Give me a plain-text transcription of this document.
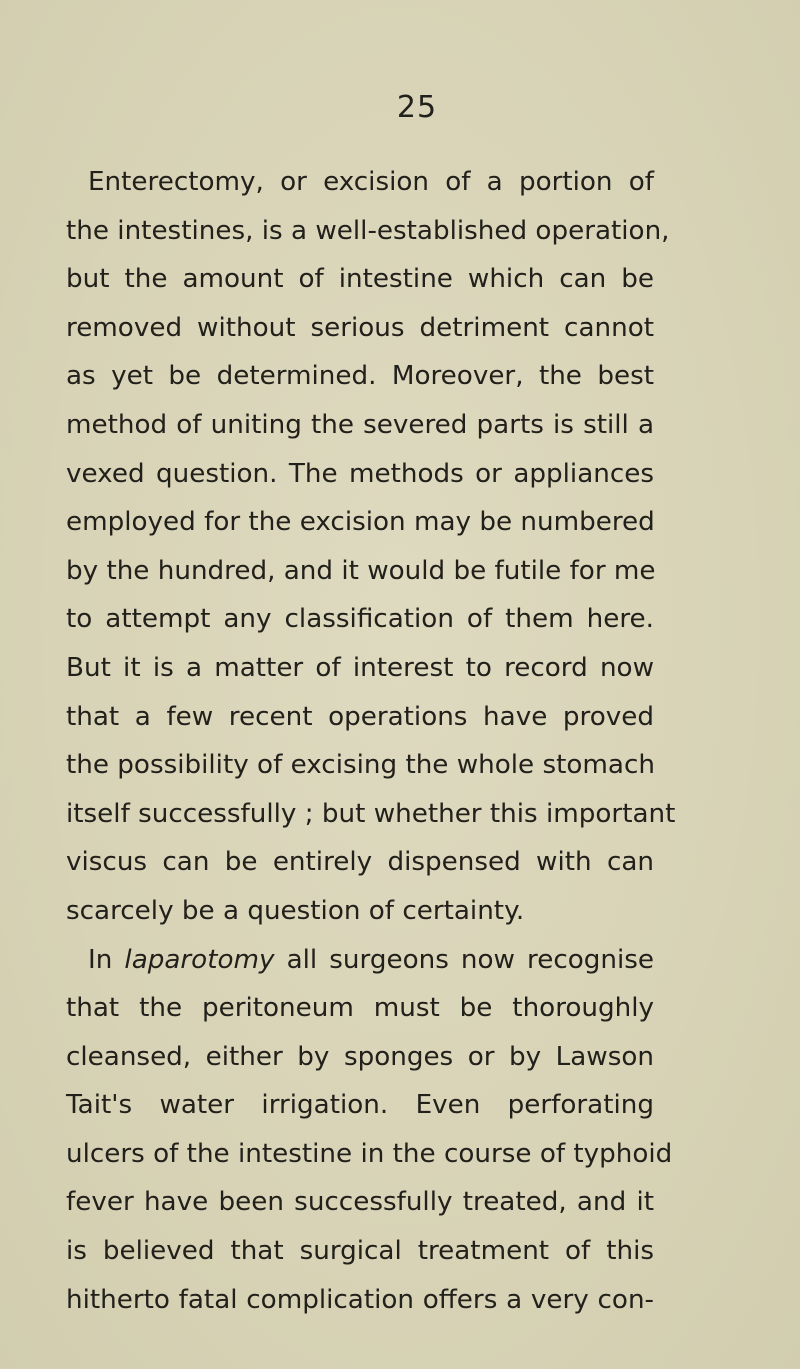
25
Enterectomy, or excision of a portion of
the intestines, is a well-established operation,
but the amount of intestine which can be
removed without serious detriment cannot
as yet be determined. Moreover, the best
method of uniting the severed parts is still a
vexed question. The methods or appliances
employed for the excision may be numbered
by the hundred, and it would be futile for me
to attempt any classification of them here.
But it is a matter of interest to record now
that a few recent operations have proved
the possibility of excising the whole stomach
itself successfully ; but whether this important
viscus can be entirely dispensed with can
scarcely be a question of certainty.
In laparotomy all surgeons now recognise
that the peritoneum must be thoroughly
cleansed, either by sponges or by Lawson
Tait's water irrigation. Even perforating
ulcers of the intestine in the course of typhoid
fever have been successfully treated, and it
is believed that surgical treatment of this
hitherto fatal complication offers a very con-
